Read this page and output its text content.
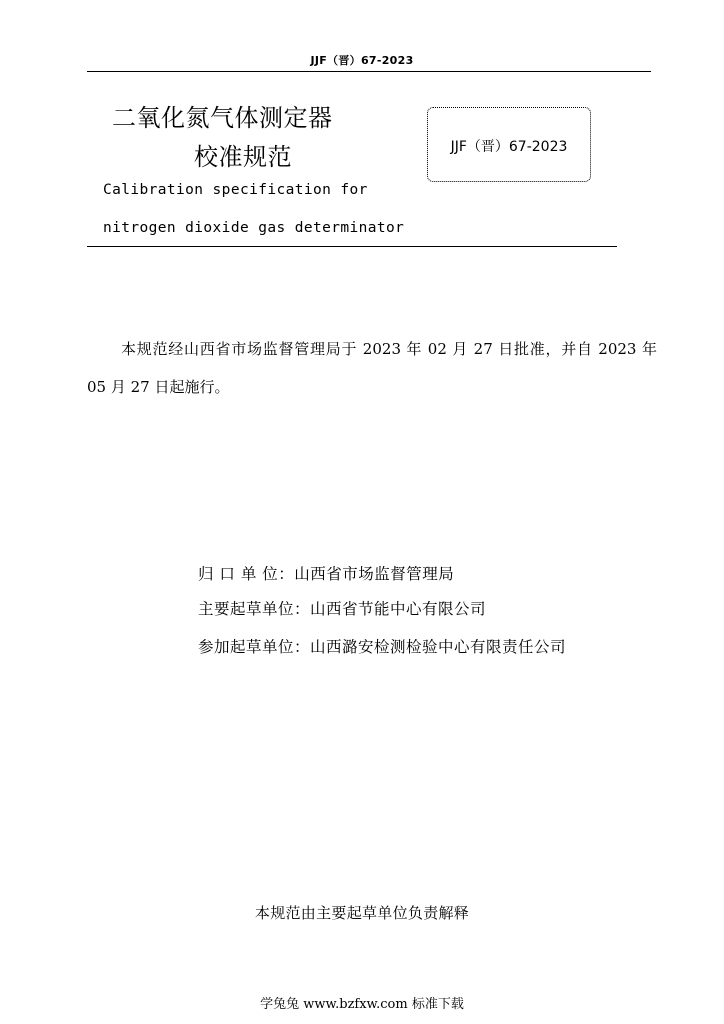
JJF（晋）67-2023
二氧化氮气体测定器
校准规范	JJF（晋）67-2023
Calibration specification for
nitrogen dioxide gas determinator
本规范经山西省市场监督管理局于 2023 年 02 月 27 日批准，并自 2023 年 05 月 27 日起施行。
归 口 单 位：山西省市场监督管理局
主要起草单位：山西省节能中心有限公司
参加起草单位：山西潞安检测检验中心有限责任公司
本规范由主要起草单位负责解释
学兔兔 www.bzfxw.com 标准下载
